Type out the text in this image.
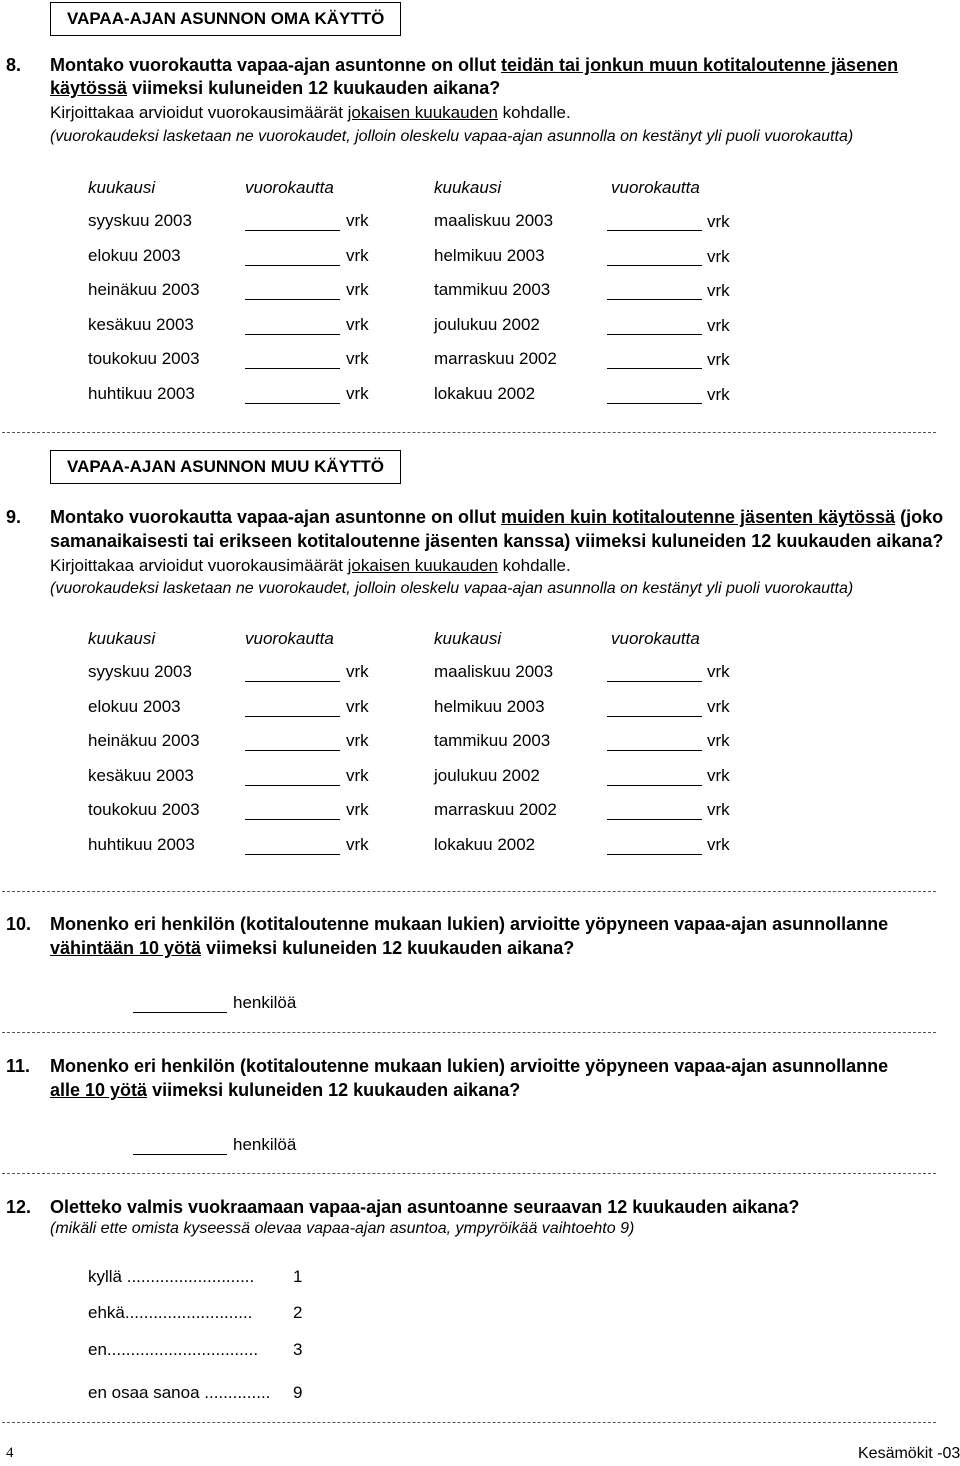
VAPAA-AJAN ASUNNON OMA KÄYTTÖ
8. Montako vuorokautta vapaa-ajan asuntonne on ollut teidän tai jonkun muun kotitaloutenne jäsenen
käytössä viimeksi kuluneiden 12 kuukauden aikana?
Kirjoittakaa arvioidut vuorokausimäärät jokaisen kuukauden kohdalle.
(vuorokaudeksi lasketaan ne vuorokaudet, jolloin oleskelu vapaa-ajan asunnolla on kestänyt yli puoli vuorokautta)
VAPAA-AJAN ASUNNON MUU KÄYTTÖ
9. Montako vuorokautta vapaa-ajan asuntonne on ollut muiden kuin kotitaloutenne jäsenten käytössä (joko
samanaikaisesti tai erikseen kotitaloutenne jäsenten kanssa) viimeksi kuluneiden 12 kuukauden aikana?
Kirjoittakaa arvioidut vuorokausimäärät jokaisen kuukauden kohdalle.
(vuorokaudeksi lasketaan ne vuorokaudet, jolloin oleskelu vapaa-ajan asunnolla on kestänyt yli puoli vuorokautta)
10. Monenko eri henkilön (kotitaloutenne mukaan lukien) arvioitte yöpyneen vapaa-ajan asunnollanne
vähintään 10 yötä viimeksi kuluneiden 12 kuukauden aikana?
henkilöä
11. Monenko eri henkilön (kotitaloutenne mukaan lukien) arvioitte yöpyneen vapaa-ajan asunnollanne
alle 10 yötä viimeksi kuluneiden 12 kuukauden aikana?
henkilöä
12. Oletteko valmis vuokraamaan vapaa-ajan asuntoanne seuraavan 12 kuukauden aikana?
(mikäli ette omista kyseessä olevaa vapaa-ajan asuntoa, ympyröikää vaihtoehto 9)
kyllä ........................... 1
ehkä........................... 2
en................................ 3
en osaa sanoa .............. 9
4	Kesämökit -03
kuukausi	vuorokautta	kuukausi	vuorokautta
syyskuu 2003	vrk	maaliskuu 2003	vrk
elokuu 2003	vrk	helmikuu 2003	vrk
heinäkuu 2003	vrk	tammikuu 2003	vrk
kesäkuu 2003	vrk	joulukuu 2002	vrk
toukokuu 2003	vrk	marraskuu 2002	vrk
huhtikuu 2003	vrk	lokakuu 2002	vrk
kuukausi	vuorokautta	kuukausi	vuorokautta
syyskuu 2003	vrk	maaliskuu 2003	vrk
elokuu 2003	vrk	helmikuu 2003	vrk
heinäkuu 2003	vrk	tammikuu 2003	vrk
kesäkuu 2003	vrk	joulukuu 2002	vrk
toukokuu 2003	vrk	marraskuu 2002	vrk
huhtikuu 2003	vrk	lokakuu 2002	vrk
